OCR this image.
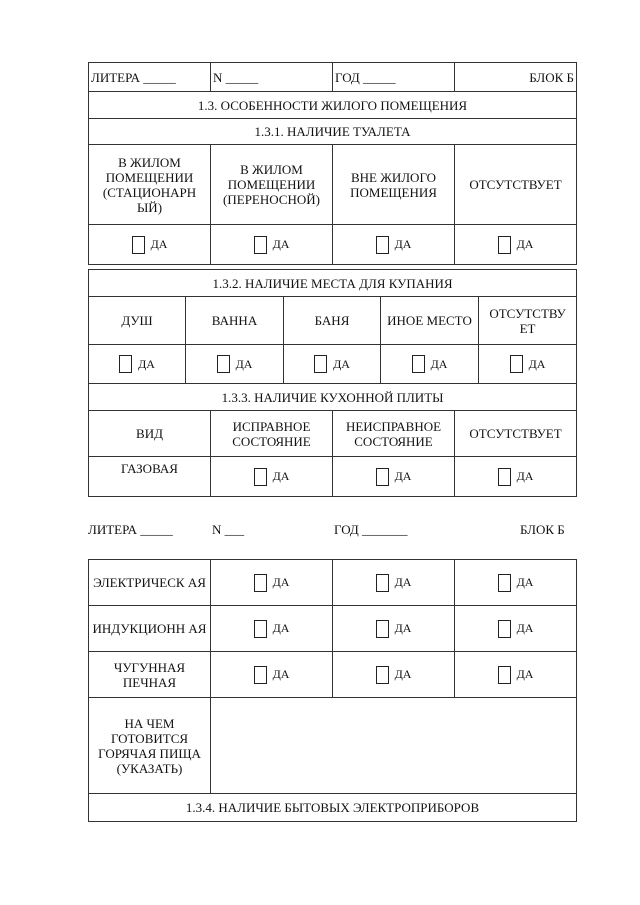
ЛИТЕРА _____	N _____	ГОД _____	БЛОК Б
1.3. ОСОБЕННОСТИ ЖИЛОГО ПОМЕЩЕНИЯ			
1.3.1. НАЛИЧИЕ ТУАЛЕТА			
В ЖИЛОМ ПОМЕЩЕНИИ (СТАЦИОНАРН ЫЙ)	В ЖИЛОМ ПОМЕЩЕНИИ (ПЕРЕНОСНОЙ)	ВНЕ ЖИЛОГО ПОМЕЩЕНИЯ	ОТСУТСТВУЕТ
ДА	ДА	ДА	ДА
1.3.2. НАЛИЧИЕ МЕСТА ДЛЯ КУПАНИЯ				
ДУШ	ВАННА	БАНЯ	ИНОЕ МЕСТО	ОТСУТСТВУ ЕТ
ДА	ДА	ДА	ДА	ДА
1.3.3. НАЛИЧИЕ КУХОННОЙ ПЛИТЫ			
ВИД	ИСПРАВНОЕ СОСТОЯНИЕ	НЕИСПРАВНОЕ СОСТОЯНИЕ	ОТСУТСТВУЕТ
ГАЗОВАЯ	ДА	ДА	ДА
ЛИТЕРА _____	N ___	ГОД _______	БЛОК Б
ЭЛЕКТРИЧЕСК АЯ	ДА	ДА	ДА
ИНДУКЦИОНН АЯ	ДА	ДА	ДА
ЧУГУННАЯ ПЕЧНАЯ	ДА	ДА	ДА
НА ЧЕМ ГОТОВИТСЯ ГОРЯЧАЯ ПИЩА (УКАЗАТЬ)			
1.3.4. НАЛИЧИЕ БЫТОВЫХ ЭЛЕКТРОПРИБОРОВ			
